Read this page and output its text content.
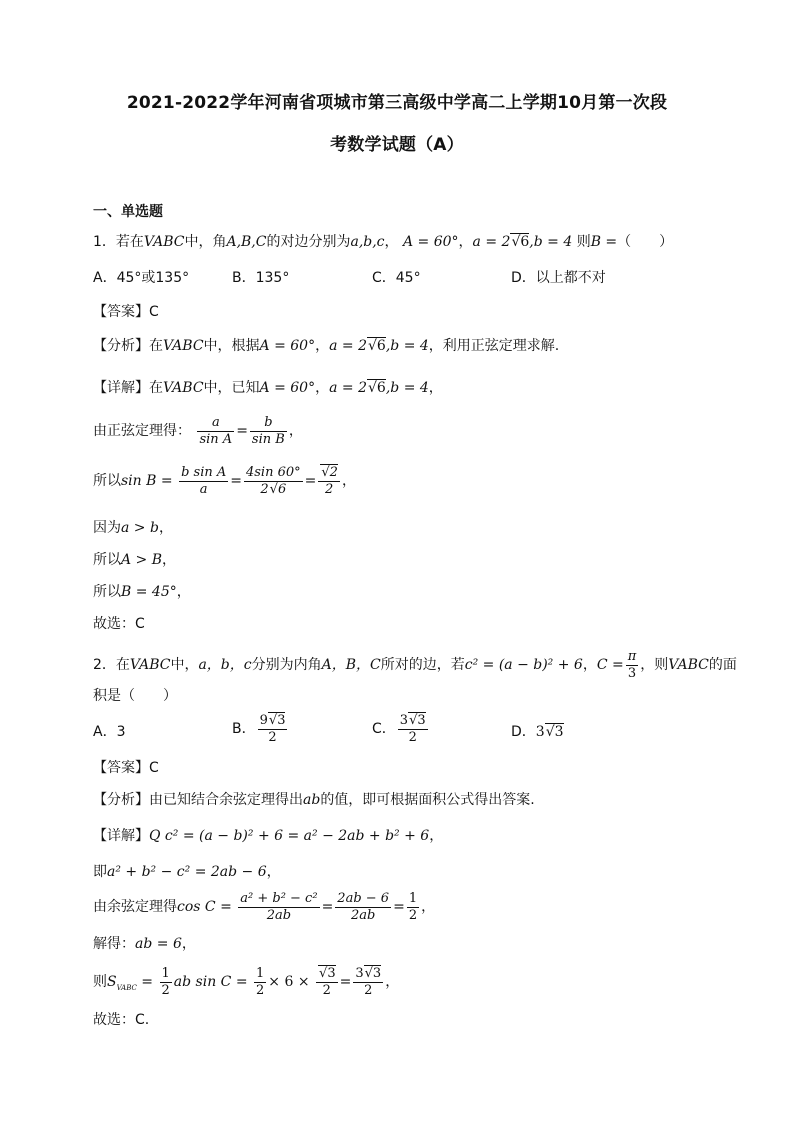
2021-2022学年河南省项城市第三高级中学高二上学期10月第一次段
考数学试题（A）
一、单选题
1．若在VABC中，角A,B,C的对边分别为a,b,c， A = 60°，a = 2√6,b = 4 则B =（　　）
A．45°或135°	B．135°	C．45°	D．以上都不对
【答案】C
【分析】在VABC中，根据A = 60°，a = 2√6,b = 4，利用正弦定理求解.
【详解】在VABC中，已知A = 60°，a = 2√6,b = 4，
由正弦定理得： $\frac{a}{\text{sin A}} = \frac{b}{\text{sin B}}$ ，
所以$\sin B = \frac{\text{b sin A}}{a} = \frac{4\sin 60^\circ}{2√6} = \frac{√2}{2}$ ，
因为a > b，
所以A > B，
所以B = 45°，
故选：C
2．在VABC中，a，b，c分别为内角A，B，C所对的边，若c² = (a − b)² + 6，$C = \frac{\pi}{3}$ ，则VABC的面
积是（　　）
A．3	B． $\frac{9√3}{2}$	C． $\frac{3√3}{2}$	D．3√3
【答案】C
【分析】由已知结合余弦定理得出ab的值，即可根据面积公式得出答案.
【详解】Q c² = (a − b)² + 6 = a² − 2ab + b² + 6，
即a² + b² − c² = 2ab − 6，
由余弦定理得$\cos C = \frac{\text{a² + b² − c²}}{2ab} = \frac{2ab - 6}{2ab} = \frac{1}{2}$ ，
解得：ab = 6，
则$S_{VABC} = \frac{1}{2}$ ab $\sin C = \frac{1}{2} \times 6 \times \frac{√3}{2} = \frac{3√3}{2}$ ，
故选：C.
